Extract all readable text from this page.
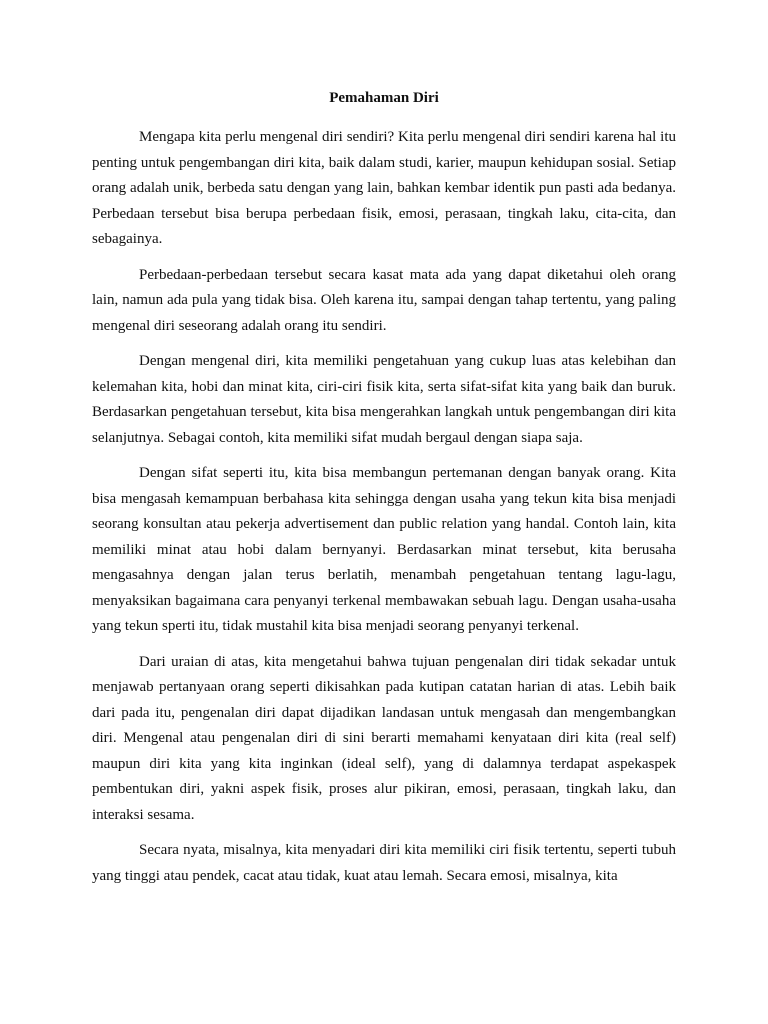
Pemahaman Diri

Mengapa kita perlu mengenal diri sendiri? Kita perlu mengenal diri sendiri karena hal itu penting untuk pengembangan diri kita, baik dalam studi, karier, maupun kehidupan sosial. Setiap orang adalah unik, berbeda satu dengan yang lain, bahkan kembar identik pun pasti ada bedanya. Perbedaan tersebut bisa berupa perbedaan fisik, emosi, perasaan, tingkah laku, cita-cita, dan sebagainya.

Perbedaan-perbedaan tersebut secara kasat mata ada yang dapat diketahui oleh orang lain, namun ada pula yang tidak bisa. Oleh karena itu, sampai dengan tahap tertentu, yang paling mengenal diri seseorang adalah orang itu sendiri.

Dengan mengenal diri, kita memiliki pengetahuan yang cukup luas atas kelebihan dan kelemahan kita, hobi dan minat kita, ciri-ciri fisik kita, serta sifat-sifat kita yang baik dan buruk. Berdasarkan pengetahuan tersebut, kita bisa mengerahkan langkah untuk pengembangan diri kita selanjutnya. Sebagai contoh, kita memiliki sifat mudah bergaul dengan siapa saja.

Dengan sifat seperti itu, kita bisa membangun pertemanan dengan banyak orang. Kita bisa mengasah kemampuan berbahasa kita sehingga dengan usaha yang tekun kita bisa menjadi seorang konsultan atau pekerja advertisement dan public relation yang handal. Contoh lain, kita memiliki minat atau hobi dalam bernyanyi. Berdasarkan minat tersebut, kita berusaha mengasahnya dengan jalan terus berlatih, menambah pengetahuan tentang lagu-lagu, menyaksikan bagaimana cara penyanyi terkenal membawakan sebuah lagu. Dengan usaha-usaha yang tekun sperti itu, tidak mustahil kita bisa menjadi seorang penyanyi terkenal.

Dari uraian di atas, kita mengetahui bahwa tujuan pengenalan diri tidak sekadar untuk menjawab pertanyaan orang seperti dikisahkan pada kutipan catatan harian di atas. Lebih baik dari pada itu, pengenalan diri dapat dijadikan landasan untuk mengasah dan mengembangkan diri. Mengenal atau pengenalan diri di sini berarti memahami kenyataan diri kita (real self) maupun diri kita yang kita inginkan (ideal self), yang di dalamnya terdapat aspekaspek pembentukan diri, yakni aspek fisik, proses alur pikiran, emosi, perasaan, tingkah laku, dan interaksi sesama.

Secara nyata, misalnya, kita menyadari diri kita memiliki ciri fisik tertentu, seperti tubuh yang tinggi atau pendek, cacat atau tidak, kuat atau lemah. Secara emosi, misalnya, kita
